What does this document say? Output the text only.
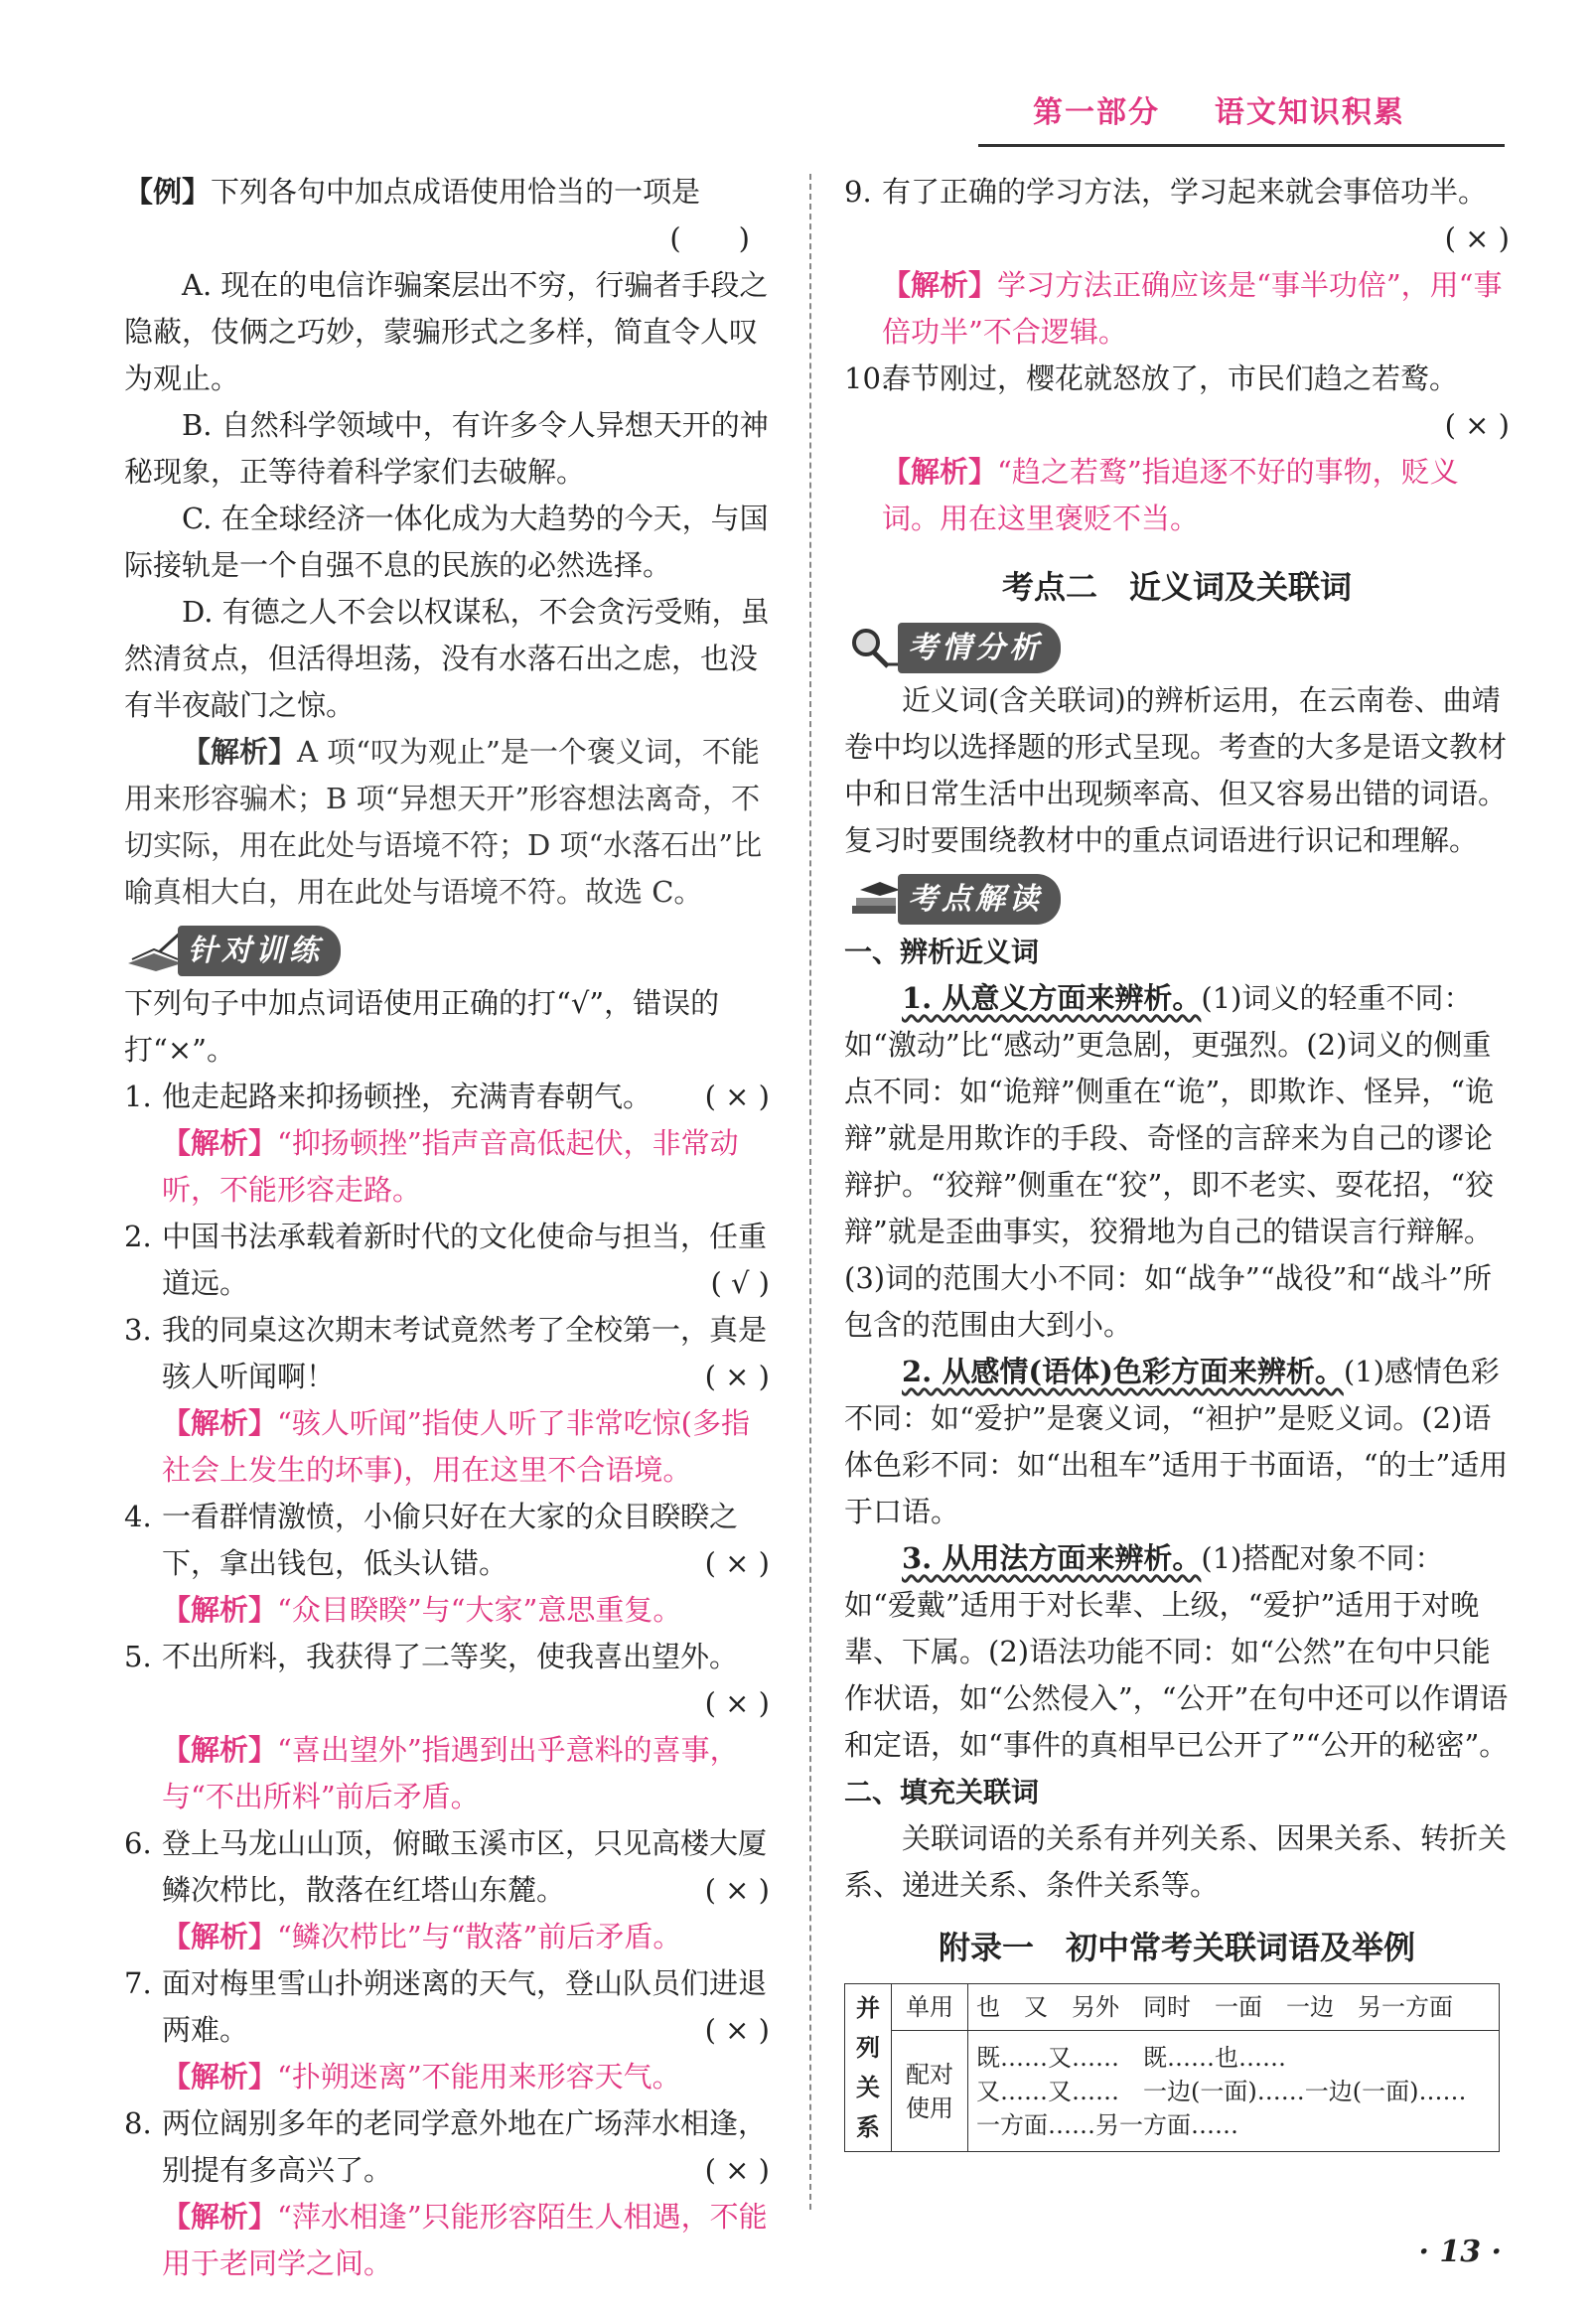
第一部分 语文知识积累

【例】下列各句中加点成语使用恰当的一项是

(　　)

A. 现在的电信诈骗案层出不穷，行骗者手段之隐蔽，伎俩之巧妙，蒙骗形式之多样，简直令人叹为观止。

B. 自然科学领域中，有许多令人异想天开的神秘现象，正等待着科学家们去破解。

C. 在全球经济一体化成为大趋势的今天，与国际接轨是一个自强不息的民族的必然选择。

D. 有德之人不会以权谋私，不会贪污受贿，虽然清贫点，但活得坦荡，没有水落石出之虑，也没有半夜敲门之惊。

【解析】A 项“叹为观止”是一个褒义词，不能用来形容骗术；B 项“异想天开”形容想法离奇，不切实际，用在此处与语境不符；D 项“水落石出”比喻真相大白，用在此处与语境不符。故选 C。

针对训练

下列句子中加点词语使用正确的打“√”，错误的打“×”。

1. 他走起路来抑扬顿挫，充满青春朝气。 ( × )
【解析】“抑扬顿挫”指声音高低起伏，非常动听，不能形容走路。
2. 中国书法承载着新时代的文化使命与担当，任重道远。	( √ )
3. 我的同桌这次期末考试竟然考了全校第一，真是骇人听闻啊！	( × )
【解析】“骇人听闻”指使人听了非常吃惊(多指社会上发生的坏事)，用在这里不合语境。
4. 一看群情激愤，小偷只好在大家的众目睽睽之下，拿出钱包，低头认错。	( × )
【解析】“众目睽睽”与“大家”意思重复。
5. 不出所料，我获得了二等奖，使我喜出望外。
( × )
【解析】“喜出望外”指遇到出乎意料的喜事，与“不出所料”前后矛盾。
6. 登上马龙山山顶，俯瞰玉溪市区，只见高楼大厦鳞次栉比，散落在红塔山东麓。	( × )
【解析】“鳞次栉比”与“散落”前后矛盾。
7. 面对梅里雪山扑朔迷离的天气，登山队员们进退两难。	( × )
【解析】“扑朔迷离”不能用来形容天气。
8. 两位阔别多年的老同学意外地在广场萍水相逢，别提有多高兴了。	( × )
【解析】“萍水相逢”只能形容陌生人相遇，不能用于老同学之间。
9. 有了正确的学习方法，学习起来就会事倍功半。
( × )
【解析】学习方法正确应该是“事半功倍”，用“事倍功半”不合逻辑。
10.
春节刚过，樱花就怒放了，市民们趋之若鹜。
( × )
【解析】“趋之若鹜”指追逐不好的事物，贬义词。用在这里褒贬不当。
考点二　近义词及关联词
考情分析

近义词(含关联词)的辨析运用，在云南卷、曲靖卷中均以选择题的形式呈现。考查的大多是语文教材中和日常生活中出现频率高、但又容易出错的词语。复习时要围绕教材中的重点词语进行识记和理解。

考点解读

一、辨析近义词

1. 从意义方面来辨析。(1)词义的轻重不同：如“激动”比“感动”更急剧，更强烈。(2)词义的侧重点不同：如“诡辩”侧重在“诡”，即欺诈、怪异，“诡辩”就是用欺诈的手段、奇怪的言辞来为自己的谬论辩护。“狡辩”侧重在“狡”，即不老实、耍花招，“狡辩”就是歪曲事实，狡猾地为自己的错误言行辩解。(3)词的范围大小不同：如“战争”“战役”和“战斗”所包含的范围由大到小。

2. 从感情(语体)色彩方面来辨析。(1)感情色彩不同：如“爱护”是褒义词，“袒护”是贬义词。(2)语体色彩不同：如“出租车”适用于书面语，“的士”适用于口语。

3. 从用法方面来辨析。(1)搭配对象不同：如“爱戴”适用于对长辈、上级，“爱护”适用于对晚辈、下属。(2)语法功能不同：如“公然”在句中只能作状语，如“公然侵入”，“公开”在句中还可以作谓语和定语，如“事件的真相早已公开了”“公开的秘密”。

二、填充关联词

关联词语的关系有并列关系、因果关系、转折关系、递进关系、条件关系等。

附录一　初中常考关联词语及举例
并列关系	单用	也　又　另外　同时　一面　一边　另一方面
	配对使用	既……又……　既……也……
又……又……　一边(一面)……一边(一面)……　一方面……另一方面……
· 13 ·
